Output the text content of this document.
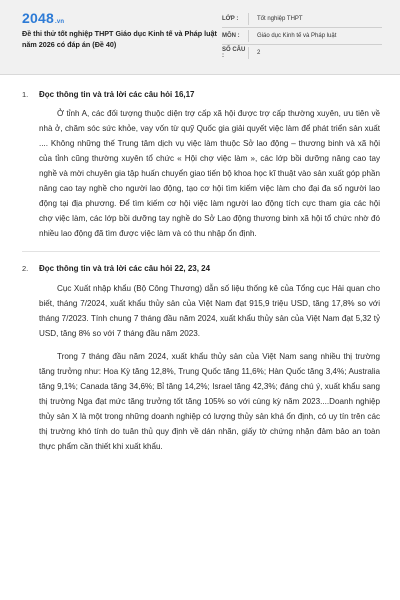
2048.vn
Đề thi thử tốt nghiệp THPT Giáo dục Kinh tế và Pháp luật năm 2026 có đáp án (Đề 40)
LỚP :	Tốt nghiệp THPT
MÔN :	Giáo dục Kinh tế và Pháp luật
SỐ CÂU :	2
1.	Đọc thông tin và trả lời các câu hỏi 16,17

Ở tỉnh A, các đối tượng thuộc diện trợ cấp xã hội được trợ cấp thường xuyên, ưu tiên về nhà ở, chăm sóc sức khỏe, vay vốn từ quỹ Quốc gia giải quyết việc làm để phát triển sản xuất .... Không những thế Trung tâm dịch vụ việc làm thuộc Sở lao động – thương binh và xã hội của tỉnh cũng thường xuyên tổ chức « Hội chợ việc làm », các lớp bồi dưỡng nâng cao tay nghề và mời chuyên gia tập huấn chuyển giao tiến bộ khoa học kĩ thuật vào sản xuất góp phần nâng cao tay nghề cho người lao động, tạo cơ hội tìm kiếm việc làm cho đại đa số người lao động tại địa phương. Để tìm kiếm cơ hội việc làm người lao động tích cực tham gia các hội chợ việc làm, các lớp bồi dưỡng tay nghề do Sở Lao động thương binh xã hội tổ chức nhờ đó nhiều lao động đã tìm được việc làm và có thu nhập ổn định.

2.	Đọc thông tin và trả lời các câu hỏi 22, 23, 24

Cục Xuất nhập khẩu (Bộ Công Thương) dẫn số liệu thống kê của Tổng cục Hải quan cho biết, tháng 7/2024, xuất khẩu thủy sản của Việt Nam đạt 915,9 triệu USD, tăng 17,8% so với tháng 7/2023. Tính chung 7 tháng đầu năm 2024, xuất khẩu thủy sản của Việt Nam đạt 5,32 tỷ USD, tăng 8% so với 7 tháng đầu năm 2023.

Trong 7 tháng đầu năm 2024, xuất khẩu thủy sản của Việt Nam sang nhiều thị trường tăng trưởng như: Hoa Kỳ tăng 12,8%, Trung Quốc tăng 11,6%; Hàn Quốc tăng 3,4%; Australia tăng 9,1%; Canada tăng 34,6%; Bỉ tăng 14,2%; Israel tăng 42,3%; đáng chú ý, xuất khẩu sang thị trường Nga đạt mức tăng trưởng tốt tăng 105% so với cùng kỳ năm 2023....Doanh nghiệp thủy sản X là một trong những doanh nghiệp có lượng thủy sản khá ổn định, có uy tín trên các thị trường khó tính do tuân thủ quy định về dán nhãn, giấy tờ chứng nhận đảm bảo an toàn thực phẩm cần thiết khi xuất khẩu.
